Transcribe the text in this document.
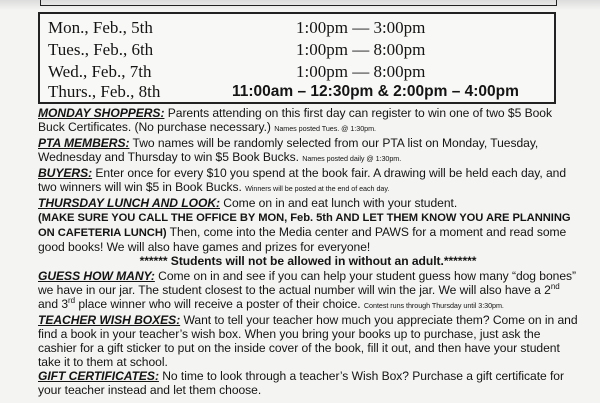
Mon., Feb., 5th	1:00pm — 3:00pm
Tues., Feb., 6th	1:00pm — 8:00pm
Wed., Feb., 7th	1:00pm — 8:00pm
Thurs., Feb., 8th	11:00am – 12:30pm & 2:00pm – 4:00pm

MONDAY SHOPPERS: Parents attending on this first day can register to win one of two $5 Book Buck Certificates. (No purchase necessary.) Names posted Tues. @ 1:30pm.

PTA MEMBERS: Two names will be randomly selected from our PTA list on Monday, Tuesday, Wednesday and Thursday to win $5 Book Bucks. Names posted daily @ 1:30pm.

BUYERS: Enter once for every $10 you spend at the book fair. A drawing will be held each day, and two winners will win $5 in Book Bucks. Winners will be posted at the end of each day.

THURSDAY LUNCH AND LOOK: Come on in and eat lunch with your student.
(MAKE SURE YOU CALL THE OFFICE BY MON, Feb. 5th AND LET THEM KNOW YOU ARE PLANNING ON CAFETERIA LUNCH) Then, come into the Media center and PAWS for a moment and read some good books! We will also have games and prizes for everyone!

****** Students will not be allowed in without an adult.*******

GUESS HOW MANY: Come on in and see if you can help your student guess how many “dog bones” we have in our jar. The student closest to the actual number will win the jar. We will also have a 2nd and 3rd place winner who will receive a poster of their choice. Contest runs through Thursday until 3:30pm.

TEACHER WISH BOXES: Want to tell your teacher how much you appreciate them? Come on in and find a book in your teacher’s wish box. When you bring your books up to purchase, just ask the cashier for a gift sticker to put on the inside cover of the book, fill it out, and then have your student take it to them at school.

GIFT CERTIFICATES: No time to look through a teacher’s Wish Box? Purchase a gift certificate for your teacher instead and let them choose.
